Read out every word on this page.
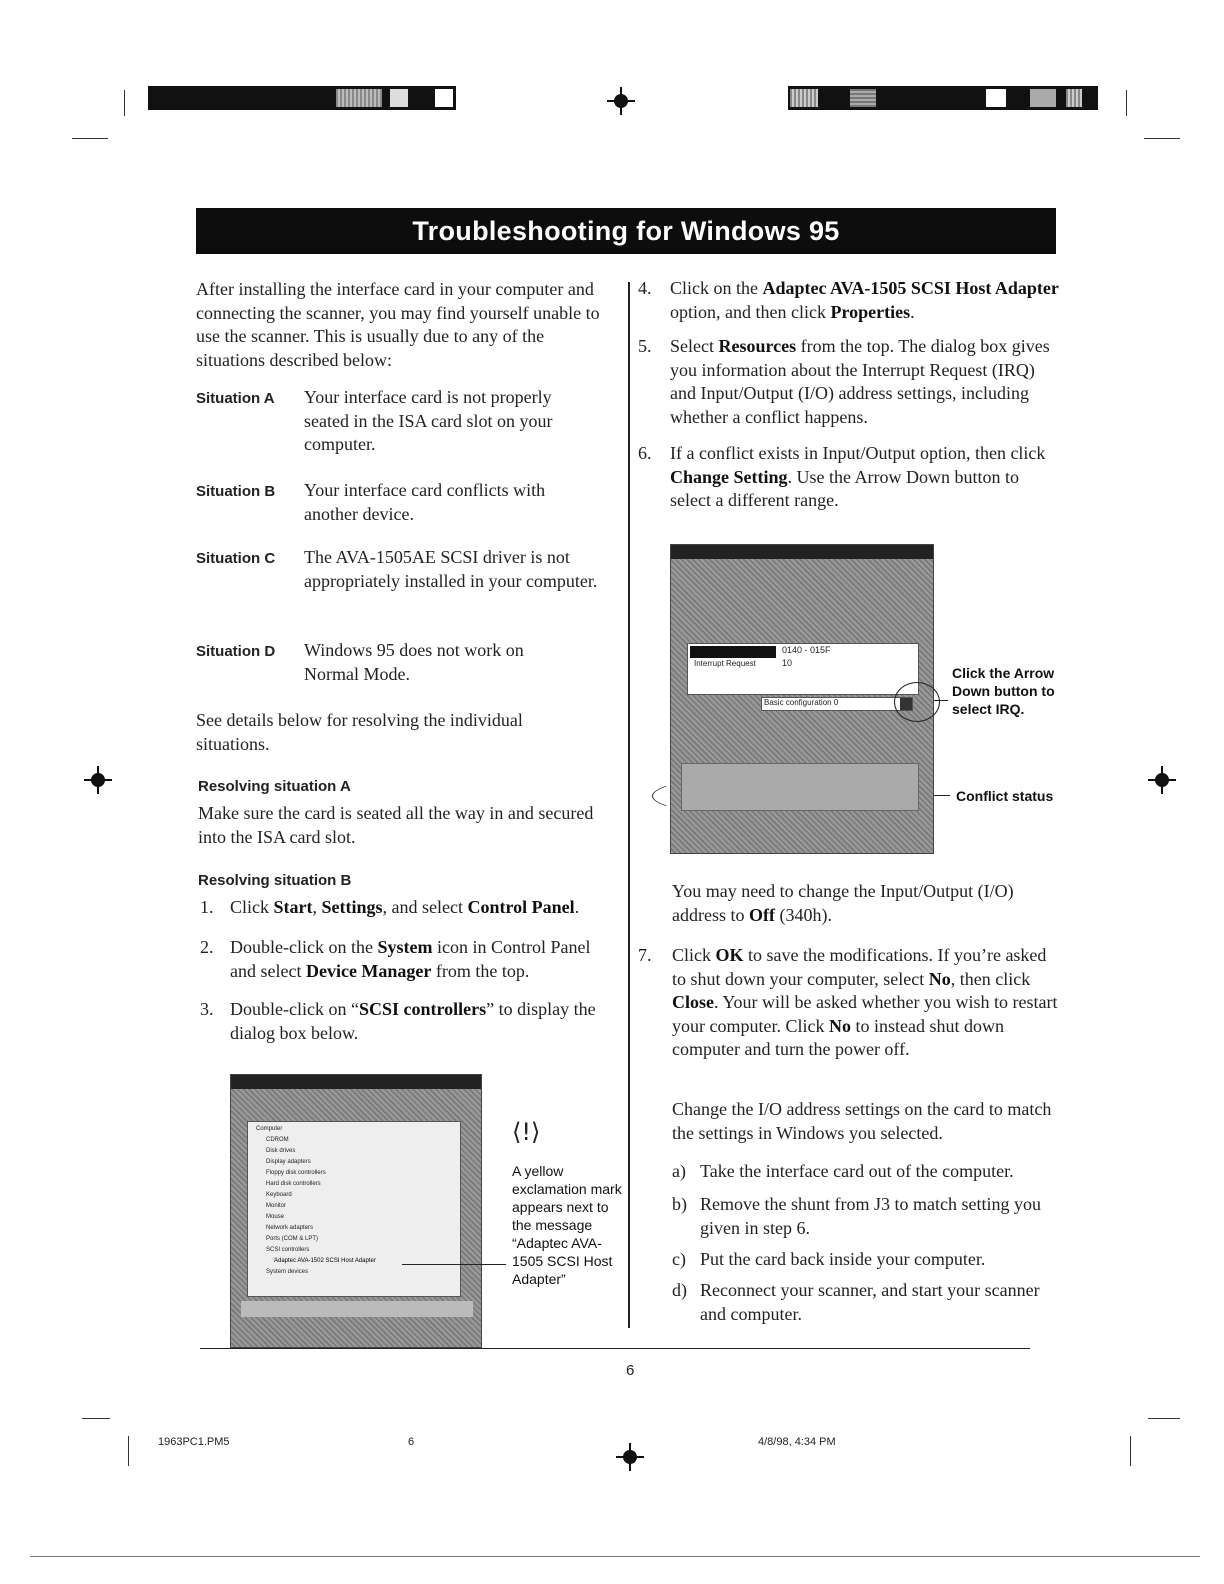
Troubleshooting for Windows 95
After installing the interface card in your computer and connecting the scanner, you may find yourself unable to use the scanner. This is usually due to any of the situations described below:
Situation A Your interface card is not properly seated in the ISA card slot on your computer.
Situation B Your interface card conflicts with another device.
Situation C The AVA-1505AE SCSI driver is not appropriately installed in your computer.
Situation D Windows 95 does not work on Normal Mode.
See details below for resolving the individual situations.
Resolving situation A
Make sure the card is seated all the way in and secured into the ISA card slot.
Resolving situation B
1. Click Start, Settings, and select Control Panel.
2. Double-click on the System icon in Control Panel and select Device Manager from the top.
3. Double-click on “SCSI controllers” to display the dialog box below.
Computer
CDROM
Disk drives
Display adapters
Floppy disk controllers
Hard disk controllers
Keyboard
Monitor
Mouse
Network adapters
Ports (COM & LPT)
SCSI controllers
Adaptec AVA-1502 SCSI Host Adapter
System devices
⟨!⟩
A yellow exclamation mark appears next to the message “Adaptec AVA-1505 SCSI Host Adapter”
4. Click on the Adaptec AVA-1505 SCSI Host Adapter option, and then click Properties.
5. Select Resources from the top. The dialog box gives you information about the Interrupt Request (IRQ) and Input/Output (I/O) address settings, including whether a conflict happens.
6. If a conflict exists in Input/Output option, then click Change Setting. Use the Arrow Down button to select a different range.
0140 - 015F
Interrupt Request	10
Basic configuration 0
Click the Arrow Down button to select IRQ.
Conflict status
You may need to change the Input/Output (I/O) address to Off (340h).
7. Click OK to save the modifications. If you’re asked to shut down your computer, select No, then click Close. Your will be asked whether you wish to restart your computer. Click No to instead shut down computer and turn the power off.
Change the I/O address settings on the card to match the settings in Windows you selected.
a) Take the interface card out of the computer.
b) Remove the shunt from J3 to match setting you given in step 6.
c) Put the card back inside your computer.
d) Reconnect your scanner, and start your scanner and computer.
6
1963PC1.PM5	6	4/8/98, 4:34 PM
